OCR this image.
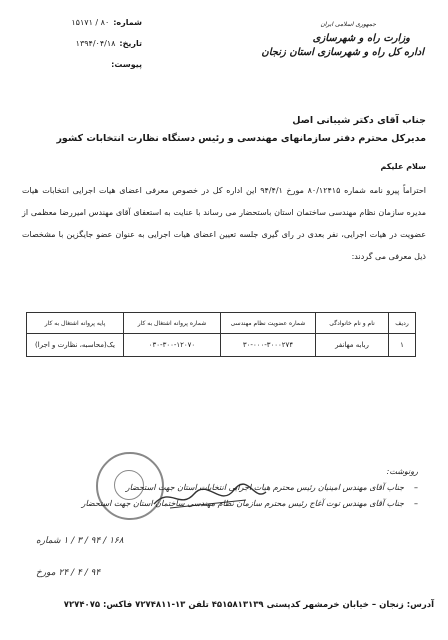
شماره:
۸۰ / ۱۵۱۷۱
تاریخ:
۱۳۹۴/۰۴/۱۸
پیوست:
جمهوری اسلامی ایران
وزارت راه و شهرسازی
اداره کل راه و شهرسازی استان زنجان
جناب آقای دکتر شیبانی اصل
مدیرکل محترم دفتر سازمانهای مهندسی و رئیس دستگاه نظارت انتخابات کشور
سلام علیکم
احتراماً پیرو نامه شماره ۸۰/۱۲۴۱۵ مورخ ۹۴/۴/۱ این اداره کل در خصوص معرفی اعضای هیات اجرایی انتخابات هیات مدیره سازمان نظام مهندسی ساختمان استان باستحضار می رساند با عنایت به استعفای آقای مهندس امیررضا معظمی از عضویت در هیات اجرایی، نفر بعدی در رای گیری جلسه تعیین اعضای هیات اجرایی به عنوان عضو جایگزین با مشخصات ذیل معرفی می گردند:
ردیف	نام و نام خانوادگی	شماره عضویت نظام مهندسی	شماره پروانه اشتغال به کار	پایه پروانه اشتغال به کار
۱	ربابه مهانفر	۳۰-۰۰۰-۳۰۰۰۲۷۴	۰۳۰-۳۰۰-۱۲۰۷۰	یک(محاسبه، نظارت و اجرا)
رونوشت:
–
جناب آقای مهندس امینیان رئیس محترم هیات اجرایی انتخابات استان جهت استحضار
–
جناب آقای مهندس توت آغاج رئیس محترم سازمان نظام مهندسی ساختمان استان جهت استحضار
۱۶۸ / ۹۴ / ۳ / ۱ شماره
۹۴ / ۴ / ۲۴ مورخ
آدرس: زنجان – خیابان خرمشهر کدپستی ۴۵۱۵۸۱۳۱۳۹ تلفن ۱۳-۷۲۷۴۸۱۱ فاکس: ۷۲۷۴۰۷۵
